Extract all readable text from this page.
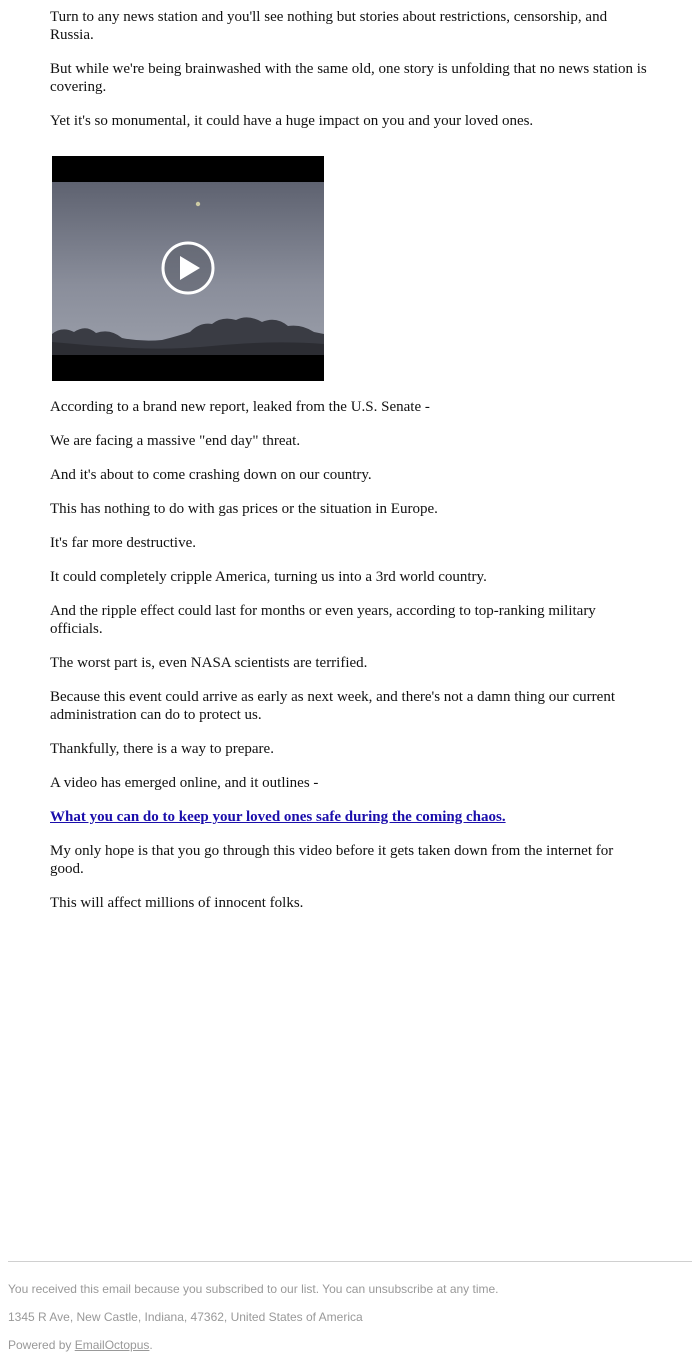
Turn to any news station and you'll see nothing but stories about restrictions, censorship, and Russia.

But while we're being brainwashed with the same old, one story is unfolding that no news station is covering.

Yet it's so monumental, it could have a huge impact on you and your loved ones.

According to a brand new report, leaked from the U.S. Senate -

We are facing a massive "end day" threat.

And it's about to come crashing down on our country.

This has nothing to do with gas prices or the situation in Europe.

It's far more destructive.

It could completely cripple America, turning us into a 3rd world country.

And the ripple effect could last for months or even years, according to top-ranking military officials.

The worst part is, even NASA scientists are terrified.

Because this event could arrive as early as next week, and there's not a damn thing our current administration can do to protect us.

Thankfully, there is a way to prepare.

A video has emerged online, and it outlines -

What you can do to keep your loved ones safe during the coming chaos.

My only hope is that you go through this video before it gets taken down from the internet for good.

This will affect millions of innocent folks.

You received this email because you subscribed to our list. You can unsubscribe at any time.

1345 R Ave, New Castle, Indiana, 47362, United States of America

Powered by EmailOctopus.
